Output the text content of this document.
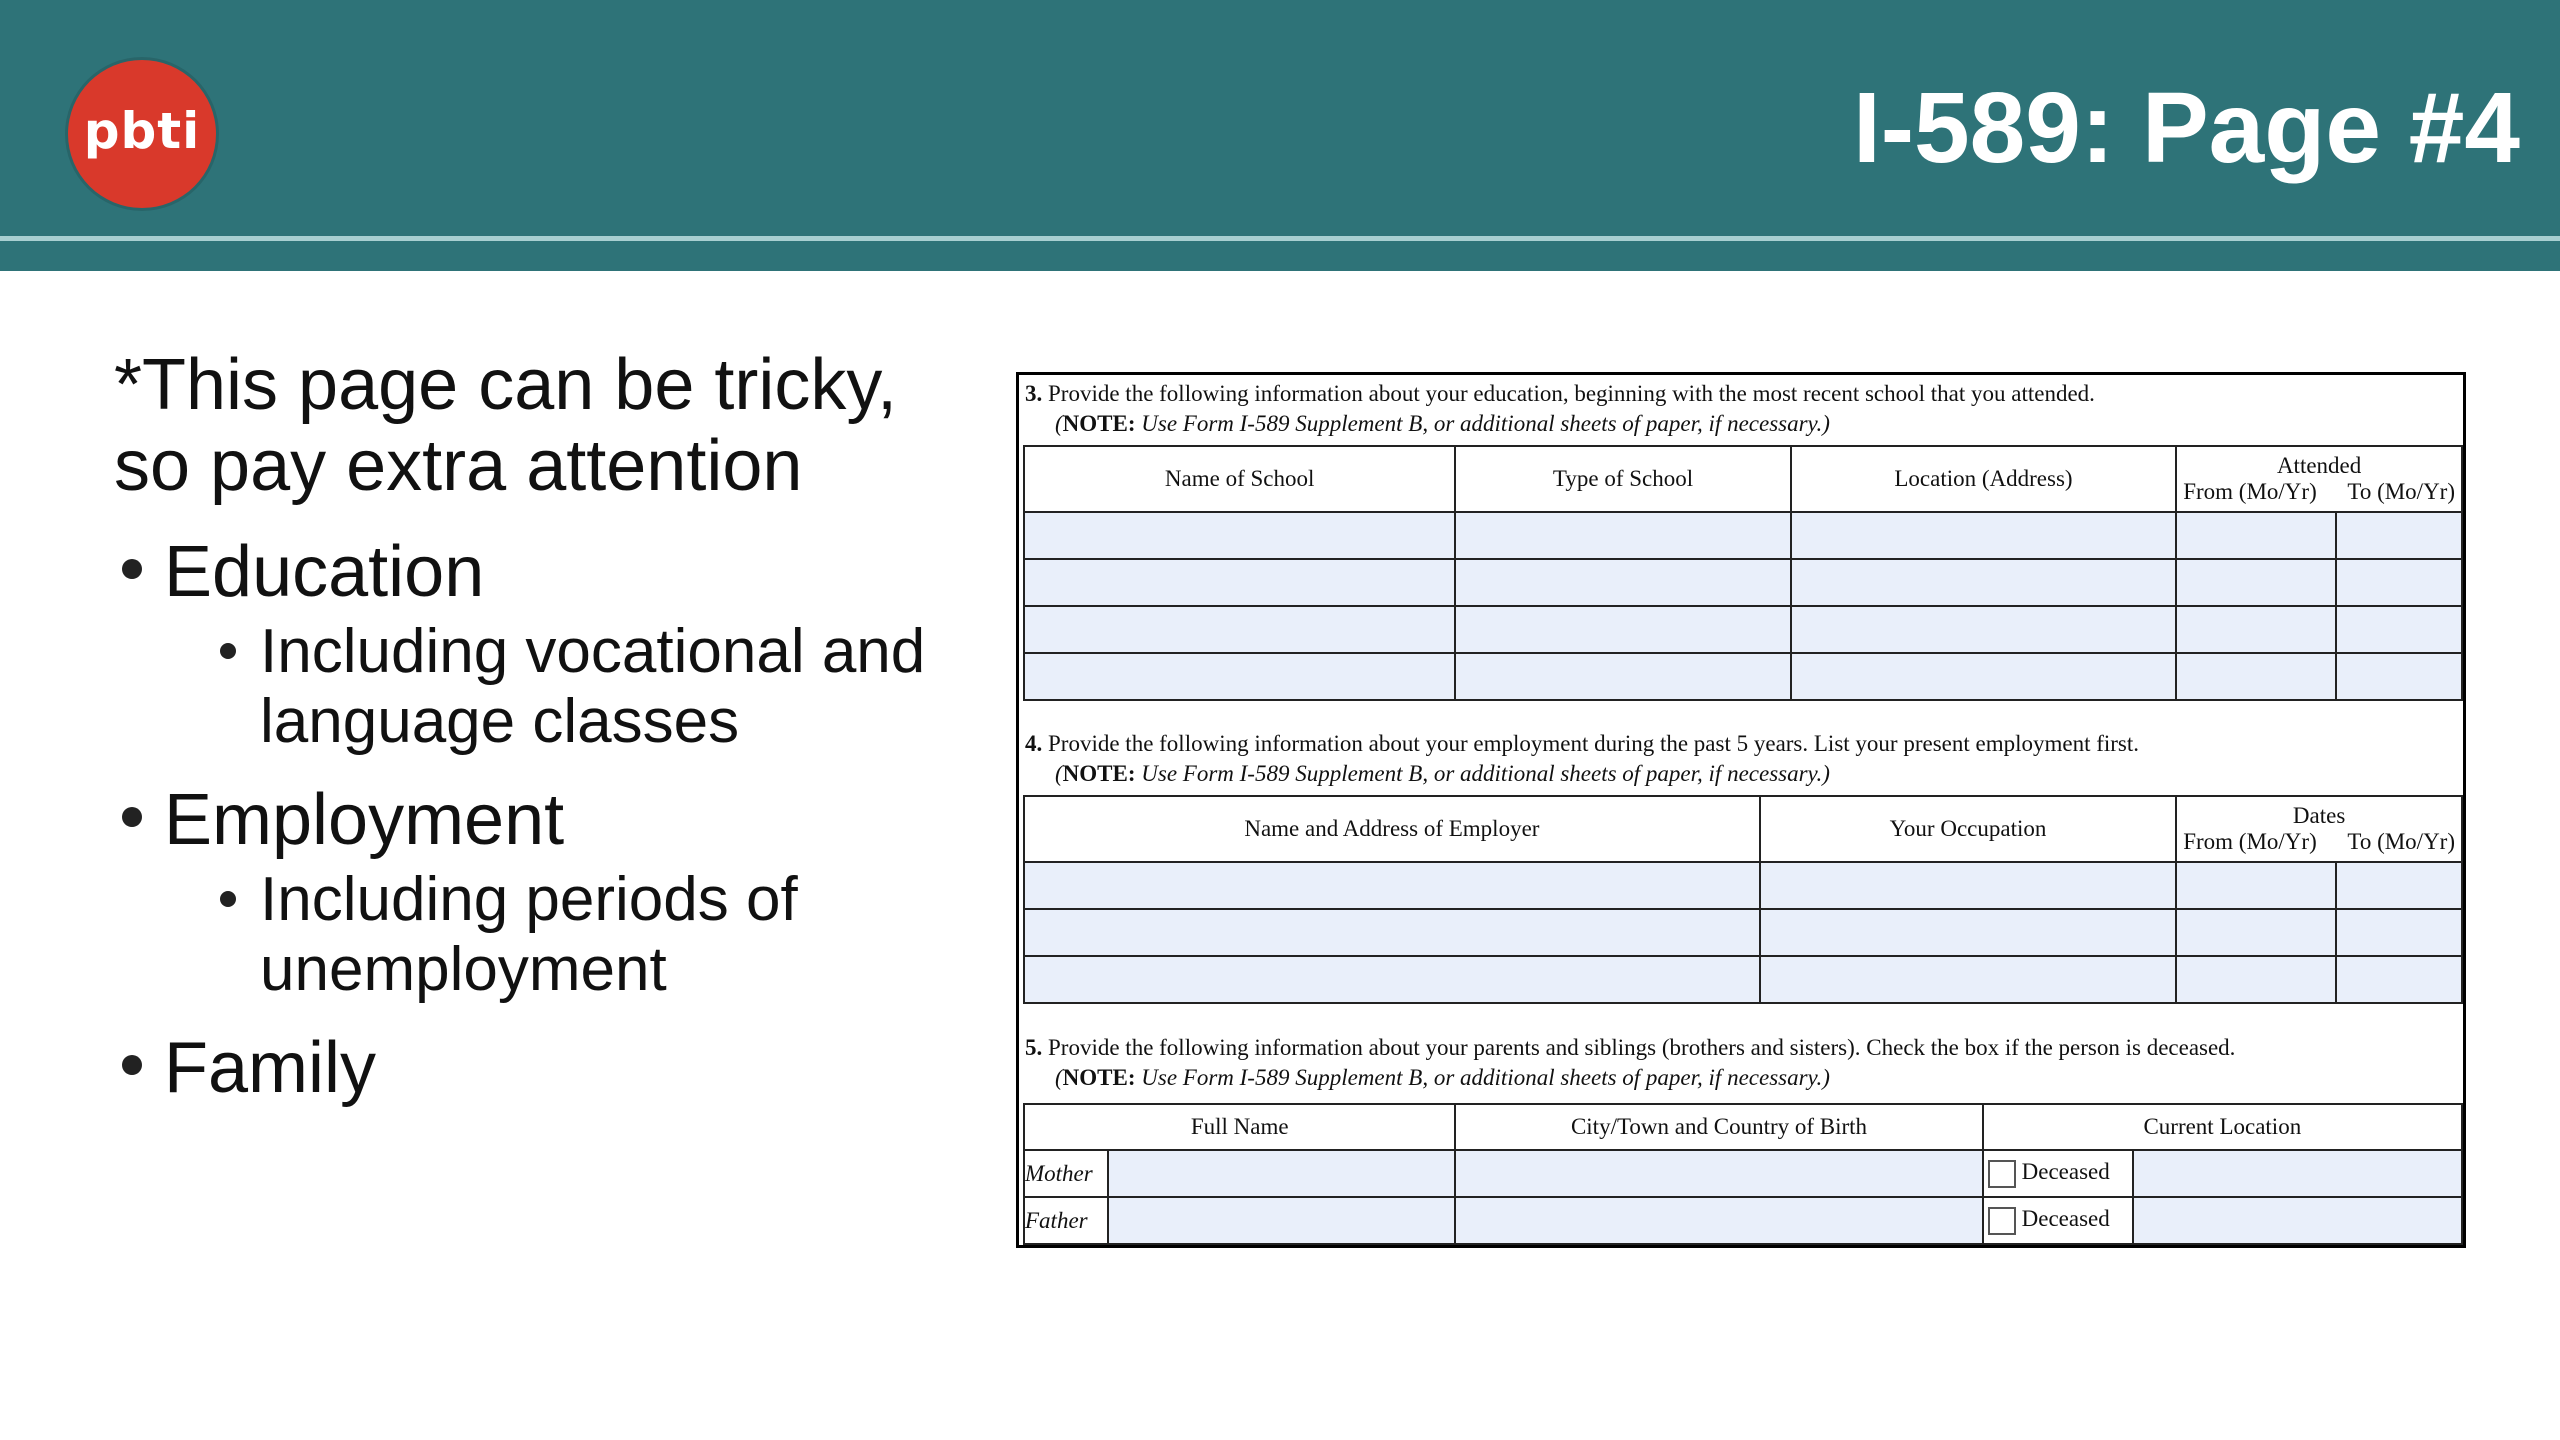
pbti	I-589: Page #4
*This page can be tricky, so pay extra attention
Education
Including vocational and language classes
Employment
Including periods of unemployment
Family
3. Provide the following information about your education, beginning with the most recent school that you attended.
(NOTE: Use Form I-589 Supplement B, or additional sheets of paper, if necessary.)
Name of School	Type of School	Location (Address)	Attended
From (Mo/Yr) To (Mo/Yr)	

4. Provide the following information about your employment during the past 5 years. List your present employment first.
(NOTE: Use Form I-589 Supplement B, or additional sheets of paper, if necessary.)
Name and Address of Employer	Your Occupation	Dates
From (Mo/Yr) To (Mo/Yr)	

5. Provide the following information about your parents and siblings (brothers and sisters). Check the box if the person is deceased.
(NOTE: Use Form I-589 Supplement B, or additional sheets of paper, if necessary.)
Full Name		City/Town and Country of Birth	Current Location	
Mother			Deceased	
Father			Deceased	
